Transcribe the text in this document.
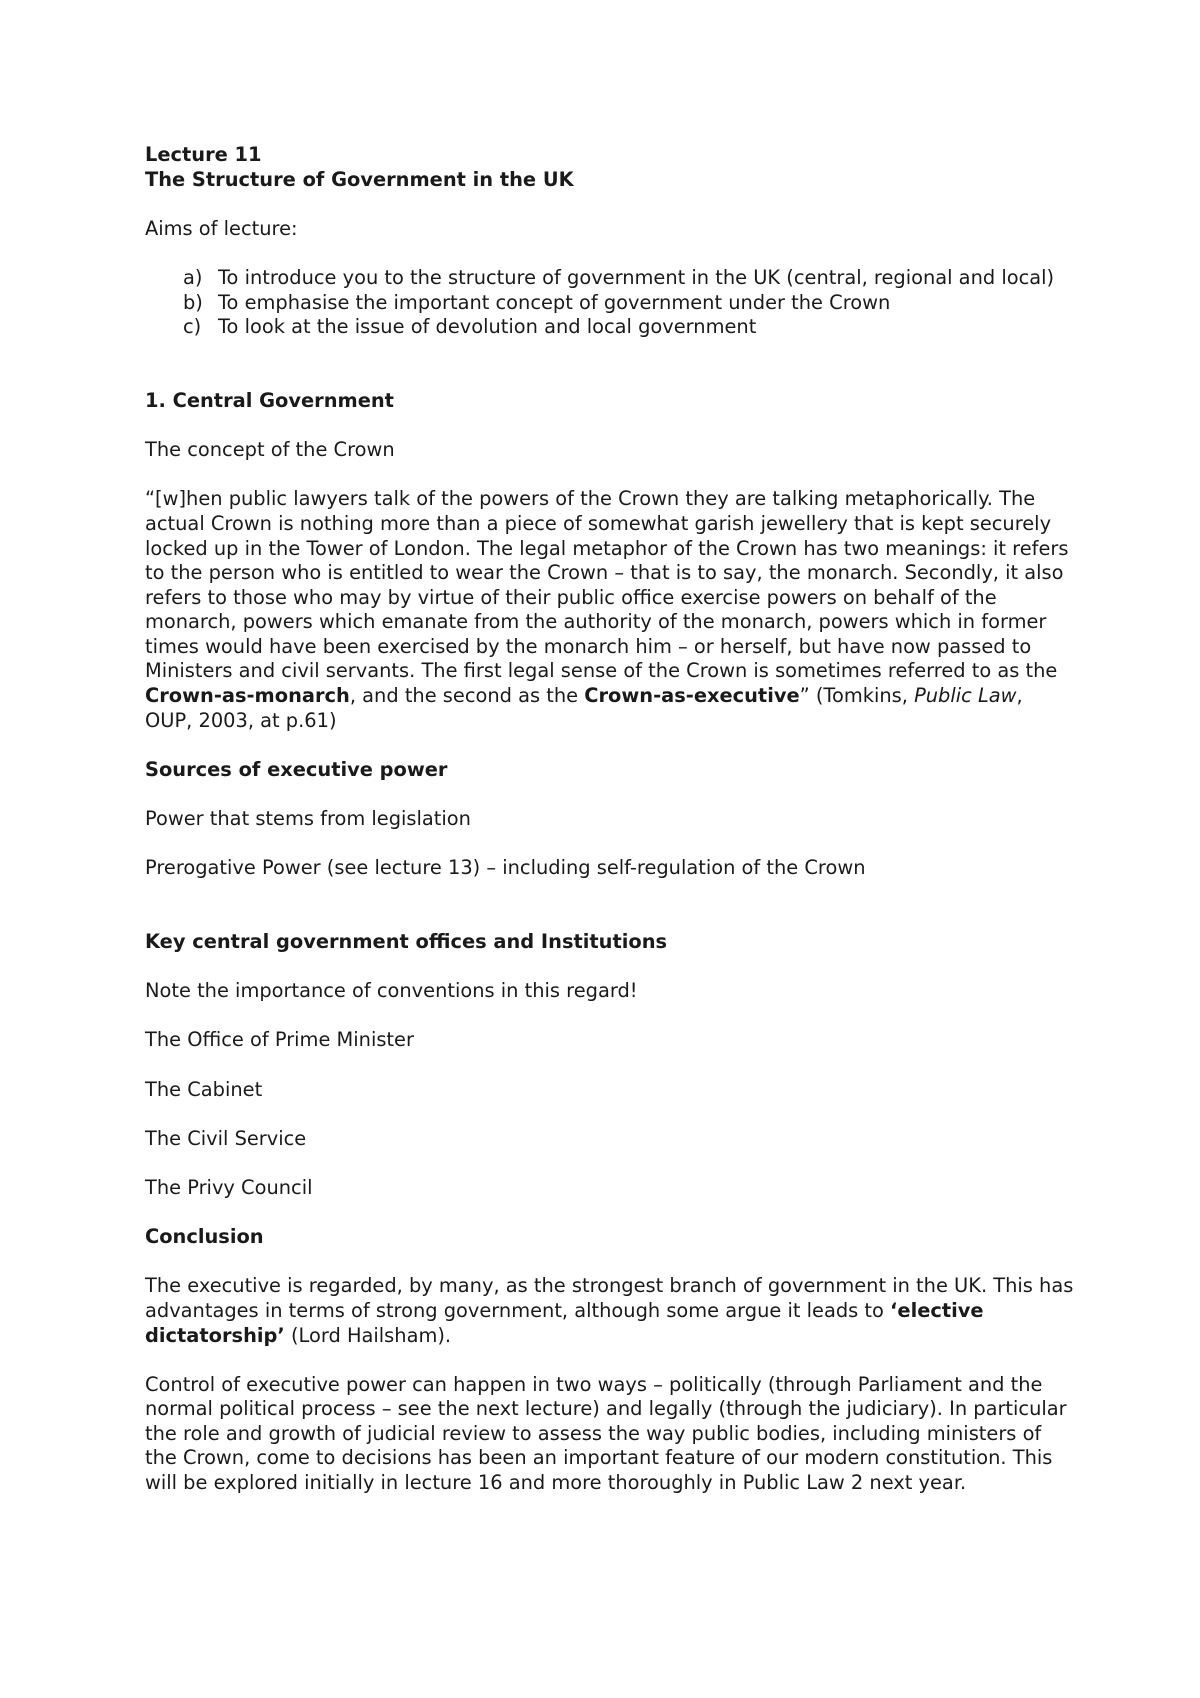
Lecture 11

The Structure of Government in the UK

Aims of lecture:

a) To introduce you to the structure of government in the UK (central, regional and local)
b) To emphasise the important concept of government under the Crown
c) To look at the issue of devolution and local government

1. Central Government

The concept of the Crown

“[w]hen public lawyers talk of the powers of the Crown they are talking metaphorically. The actual Crown is nothing more than a piece of somewhat garish jewellery that is kept securely locked up in the Tower of London. The legal metaphor of the Crown has two meanings: it refers to the person who is entitled to wear the Crown – that is to say, the monarch. Secondly, it also refers to those who may by virtue of their public office exercise powers on behalf of the monarch, powers which emanate from the authority of the monarch, powers which in former times would have been exercised by the monarch him – or herself, but have now passed to Ministers and civil servants. The first legal sense of the Crown is sometimes referred to as the Crown-as-monarch, and the second as the Crown-as-executive” (Tomkins, Public Law, OUP, 2003, at p.61)

Sources of executive power

Power that stems from legislation

Prerogative Power (see lecture 13) – including self-regulation of the Crown

Key central government offices and Institutions

Note the importance of conventions in this regard!

The Office of Prime Minister

The Cabinet

The Civil Service

The Privy Council

Conclusion

The executive is regarded, by many, as the strongest branch of government in the UK. This has advantages in terms of strong government, although some argue it leads to ‘elective dictatorship’ (Lord Hailsham).

Control of executive power can happen in two ways – politically (through Parliament and the normal political process – see the next lecture) and legally (through the judiciary). In particular the role and growth of judicial review to assess the way public bodies, including ministers of the Crown, come to decisions has been an important feature of our modern constitution. This will be explored initially in lecture 16 and more thoroughly in Public Law 2 next year.
